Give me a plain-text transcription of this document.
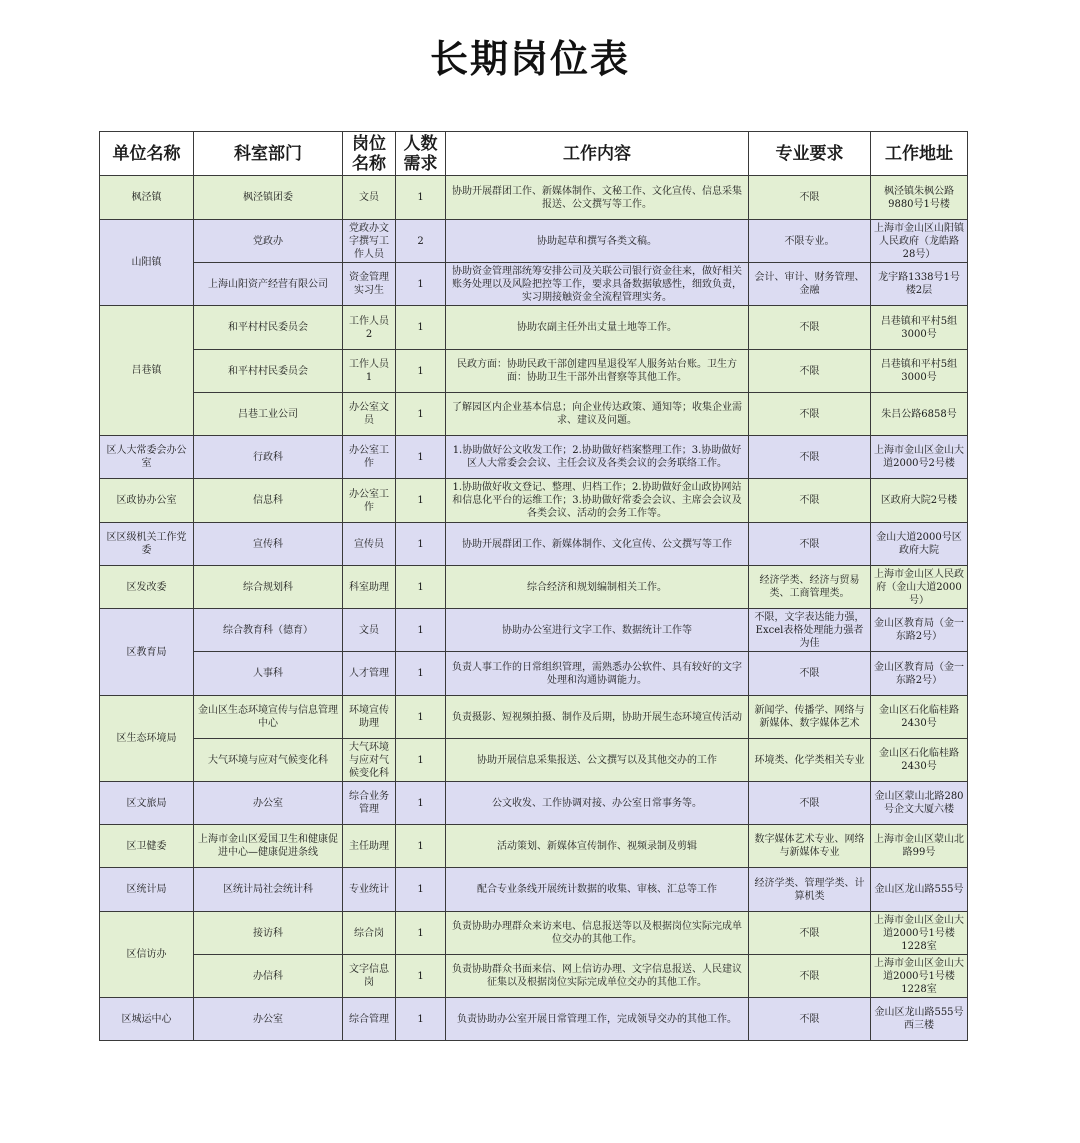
长期岗位表
单位名称	科室部门	岗位名称	人数需求	工作内容	专业要求	工作地址
枫泾镇	枫泾镇团委	文员	1	协助开展群团工作、新媒体制作、文秘工作、文化宣传、信息采集报送、公文撰写等工作。	不限	枫泾镇朱枫公路9880号1号楼
山阳镇	党政办	党政办文字撰写工作人员	2	协助起草和撰写各类文稿。	不限专业。	上海市金山区山阳镇人民政府（龙皓路28号）
	上海山阳资产经营有限公司	资金管理实习生	1	协助资金管理部统筹安排公司及关联公司银行资金往来，做好相关账务处理以及风险把控等工作，要求具备数据敏感性，细致负责，实习期接触资金全流程管理实务。	会计、审计、财务管理、金融	龙宇路1338号1号楼2层
吕巷镇	和平村村民委员会	工作人员2	1	协助农副主任外出丈量土地等工作。	不限	吕巷镇和平村5组3000号
	和平村村民委员会	工作人员1	1	民政方面：协助民政干部创建四星退役军人服务站台账。卫生方面：协助卫生干部外出督察等其他工作。	不限	吕巷镇和平村5组3000号
	吕巷工业公司	办公室文员	1	了解园区内企业基本信息；向企业传达政策、通知等；收集企业需求、建议及问题。	不限	朱吕公路6858号
区人大常委会办公室	行政科	办公室工作	1	1.协助做好公文收发工作；2.协助做好档案整理工作；3.协助做好区人大常委会会议、主任会议及各类会议的会务联络工作。	不限	上海市金山区金山大道2000号2号楼
区政协办公室	信息科	办公室工作	1	1.协助做好收文登记、整理、归档工作；2.协助做好金山政协网站和信息化平台的运维工作；3.协助做好常委会会议、主席会会议及各类会议、活动的会务工作等。	不限	区政府大院2号楼
区区级机关工作党委	宣传科	宣传员	1	协助开展群团工作、新媒体制作、文化宣传、公文撰写等工作	不限	金山大道2000号区政府大院
区发改委	综合规划科	科室助理	1	综合经济和规划编制相关工作。	经济学类、经济与贸易类、工商管理类。	上海市金山区人民政府（金山大道2000号）
区教育局	综合教育科（德育）	文员	1	协助办公室进行文字工作、数据统计工作等	不限，文字表达能力强，Excel表格处理能力强者为佳	金山区教育局（金一东路2号）
	人事科	人才管理	1	负责人事工作的日常组织管理，需熟悉办公软件、具有较好的文字处理和沟通协调能力。	不限	金山区教育局（金一东路2号）
区生态环境局	金山区生态环境宣传与信息管理中心	环境宣传助理	1	负责摄影、短视频拍摄、制作及后期，协助开展生态环境宣传活动	新闻学、传播学、网络与新媒体、数字媒体艺术	金山区石化临桂路2430号
	大气环境与应对气候变化科	大气环境与应对气候变化科	1	协助开展信息采集报送、公文撰写以及其他交办的工作	环境类、化学类相关专业	金山区石化临桂路2430号
区文旅局	办公室	综合业务管理	1	公文收发、工作协调对接、办公室日常事务等。	不限	金山区蒙山北路280号企文大厦六楼
区卫健委	上海市金山区爱国卫生和健康促进中心—健康促进条线	主任助理	1	活动策划、新媒体宣传制作、视频录制及剪辑	数字媒体艺术专业、网络与新媒体专业	上海市金山区蒙山北路99号
区统计局	区统计局社会统计科	专业统计	1	配合专业条线开展统计数据的收集、审核、汇总等工作	经济学类、管理学类、计算机类	金山区龙山路555号
区信访办	接访科	综合岗	1	负责协助办理群众来访来电、信息报送等以及根据岗位实际完成单位交办的其他工作。	不限	上海市金山区金山大道2000号1号楼1228室
	办信科	文字信息岗	1	负责协助群众书面来信、网上信访办理、文字信息报送、人民建议征集以及根据岗位实际完成单位交办的其他工作。	不限	上海市金山区金山大道2000号1号楼1228室
区城运中心	办公室	综合管理	1	负责协助办公室开展日常管理工作，完成领导交办的其他工作。	不限	金山区龙山路555号西三楼
